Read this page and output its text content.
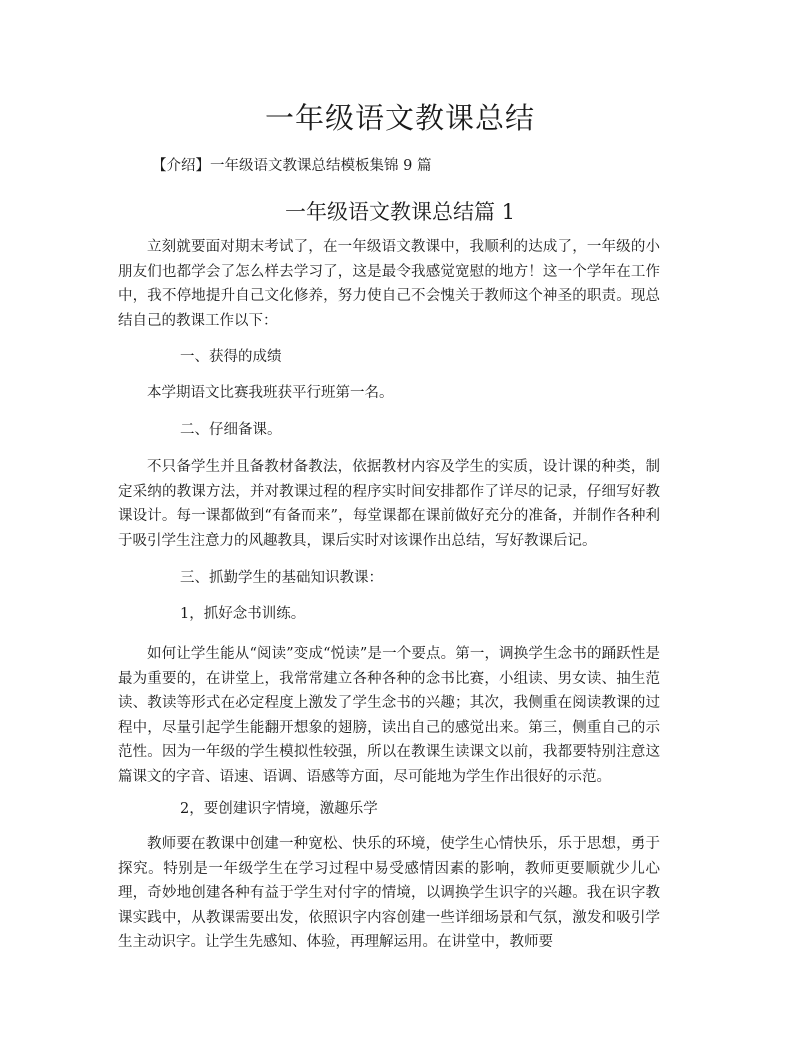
一年级语文教课总结

【介绍】一年级语文教课总结模板集锦 9 篇

一年级语文教课总结篇 1

立刻就要面对期末考试了，在一年级语文教课中，我顺利的达成了，一年级的小朋友们也都学会了怎么样去学习了，这是最令我感觉宽慰的地方！这一个学年在工作中，我不停地提升自己文化修养，努力使自己不会愧关于教师这个神圣的职责。现总结自己的教课工作以下：

一、获得的成绩

本学期语文比赛我班获平行班第一名。

二、仔细备课。

不只备学生并且备教材备教法，依据教材内容及学生的实质，设计课的种类，制定采纳的教课方法，并对教课过程的程序实时间安排都作了详尽的记录，仔细写好教课设计。每一课都做到“有备而来”，每堂课都在课前做好充分的准备，并制作各种利于吸引学生注意力的风趣教具，课后实时对该课作出总结，写好教课后记。

三、抓勤学生的基础知识教课：

1，抓好念书训练。

如何让学生能从“阅读”变成“悦读”是一个要点。第一，调换学生念书的踊跃性是最为重要的，在讲堂上，我常常建立各种各种的念书比赛，小组读、男女读、抽生范读、教读等形式在必定程度上激发了学生念书的兴趣；其次，我侧重在阅读教课的过程中，尽量引起学生能翻开想象的翅膀，读出自己的感觉出来。第三，侧重自己的示范性。因为一年级的学生模拟性较强，所以在教课生读课文以前，我都要特别注意这篇课文的字音、语速、语调、语感等方面，尽可能地为学生作出很好的示范。

2，要创建识字情境，激趣乐学

教师要在教课中创建一种宽松、快乐的环境，使学生心情快乐，乐于思想，勇于探究。特别是一年级学生在学习过程中易受感情因素的影响，教师更要顺就少儿心理，奇妙地创建各种有益于学生对付字的情境，以调换学生识字的兴趣。我在识字教课实践中，从教课需要出发，依照识字内容创建一些详细场景和气氛，激发和吸引学生主动识字。让学生先感知、体验，再理解运用。在讲堂中，教师要
